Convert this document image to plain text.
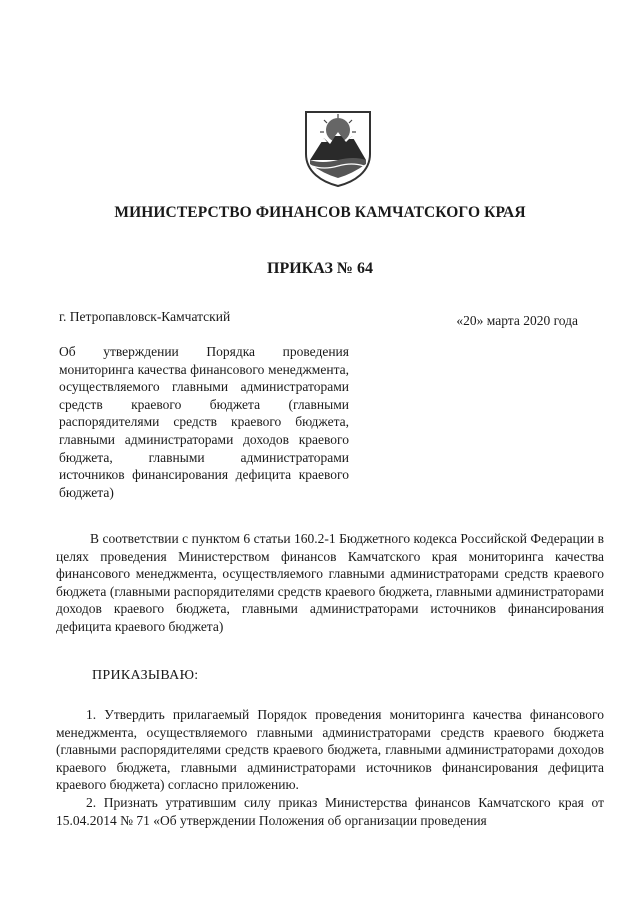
МИНИСТЕРСТВО ФИНАНСОВ КАМЧАТСКОГО КРАЯ
ПРИКАЗ № 64
г. Петропавловск-Камчатский	«20» марта 2020 года
Об утверждении Порядка проведения мониторинга качества финансового менеджмента, осуществляемого главными администраторами средств краевого бюджета (главными распорядителями средств краевого бюджета, главными администраторами доходов краевого бюджета, главными администраторами источников финансирования дефицита краевого бюджета)
В соответствии с пунктом 6 статьи 160.2-1 Бюджетного кодекса Российской Федерации в целях проведения Министерством финансов Камчатского края мониторинга качества финансового менеджмента, осуществляемого главными администраторами средств краевого бюджета (главными распорядителями средств краевого бюджета, главными администраторами доходов краевого бюджета, главными администраторами источников финансирования дефицита краевого бюджета)
ПРИКАЗЫВАЮ:

1. Утвердить прилагаемый Порядок проведения мониторинга качества финансового менеджмента, осуществляемого главными администраторами средств краевого бюджета (главными распорядителями средств краевого бюджета, главными администраторами доходов краевого бюджета, главными администраторами источников финансирования дефицита краевого бюджета) согласно приложению.

2. Признать утратившим силу приказ Министерства финансов Камчатского края от 15.04.2014 № 71 «Об утверждении Положения об организации проведения
